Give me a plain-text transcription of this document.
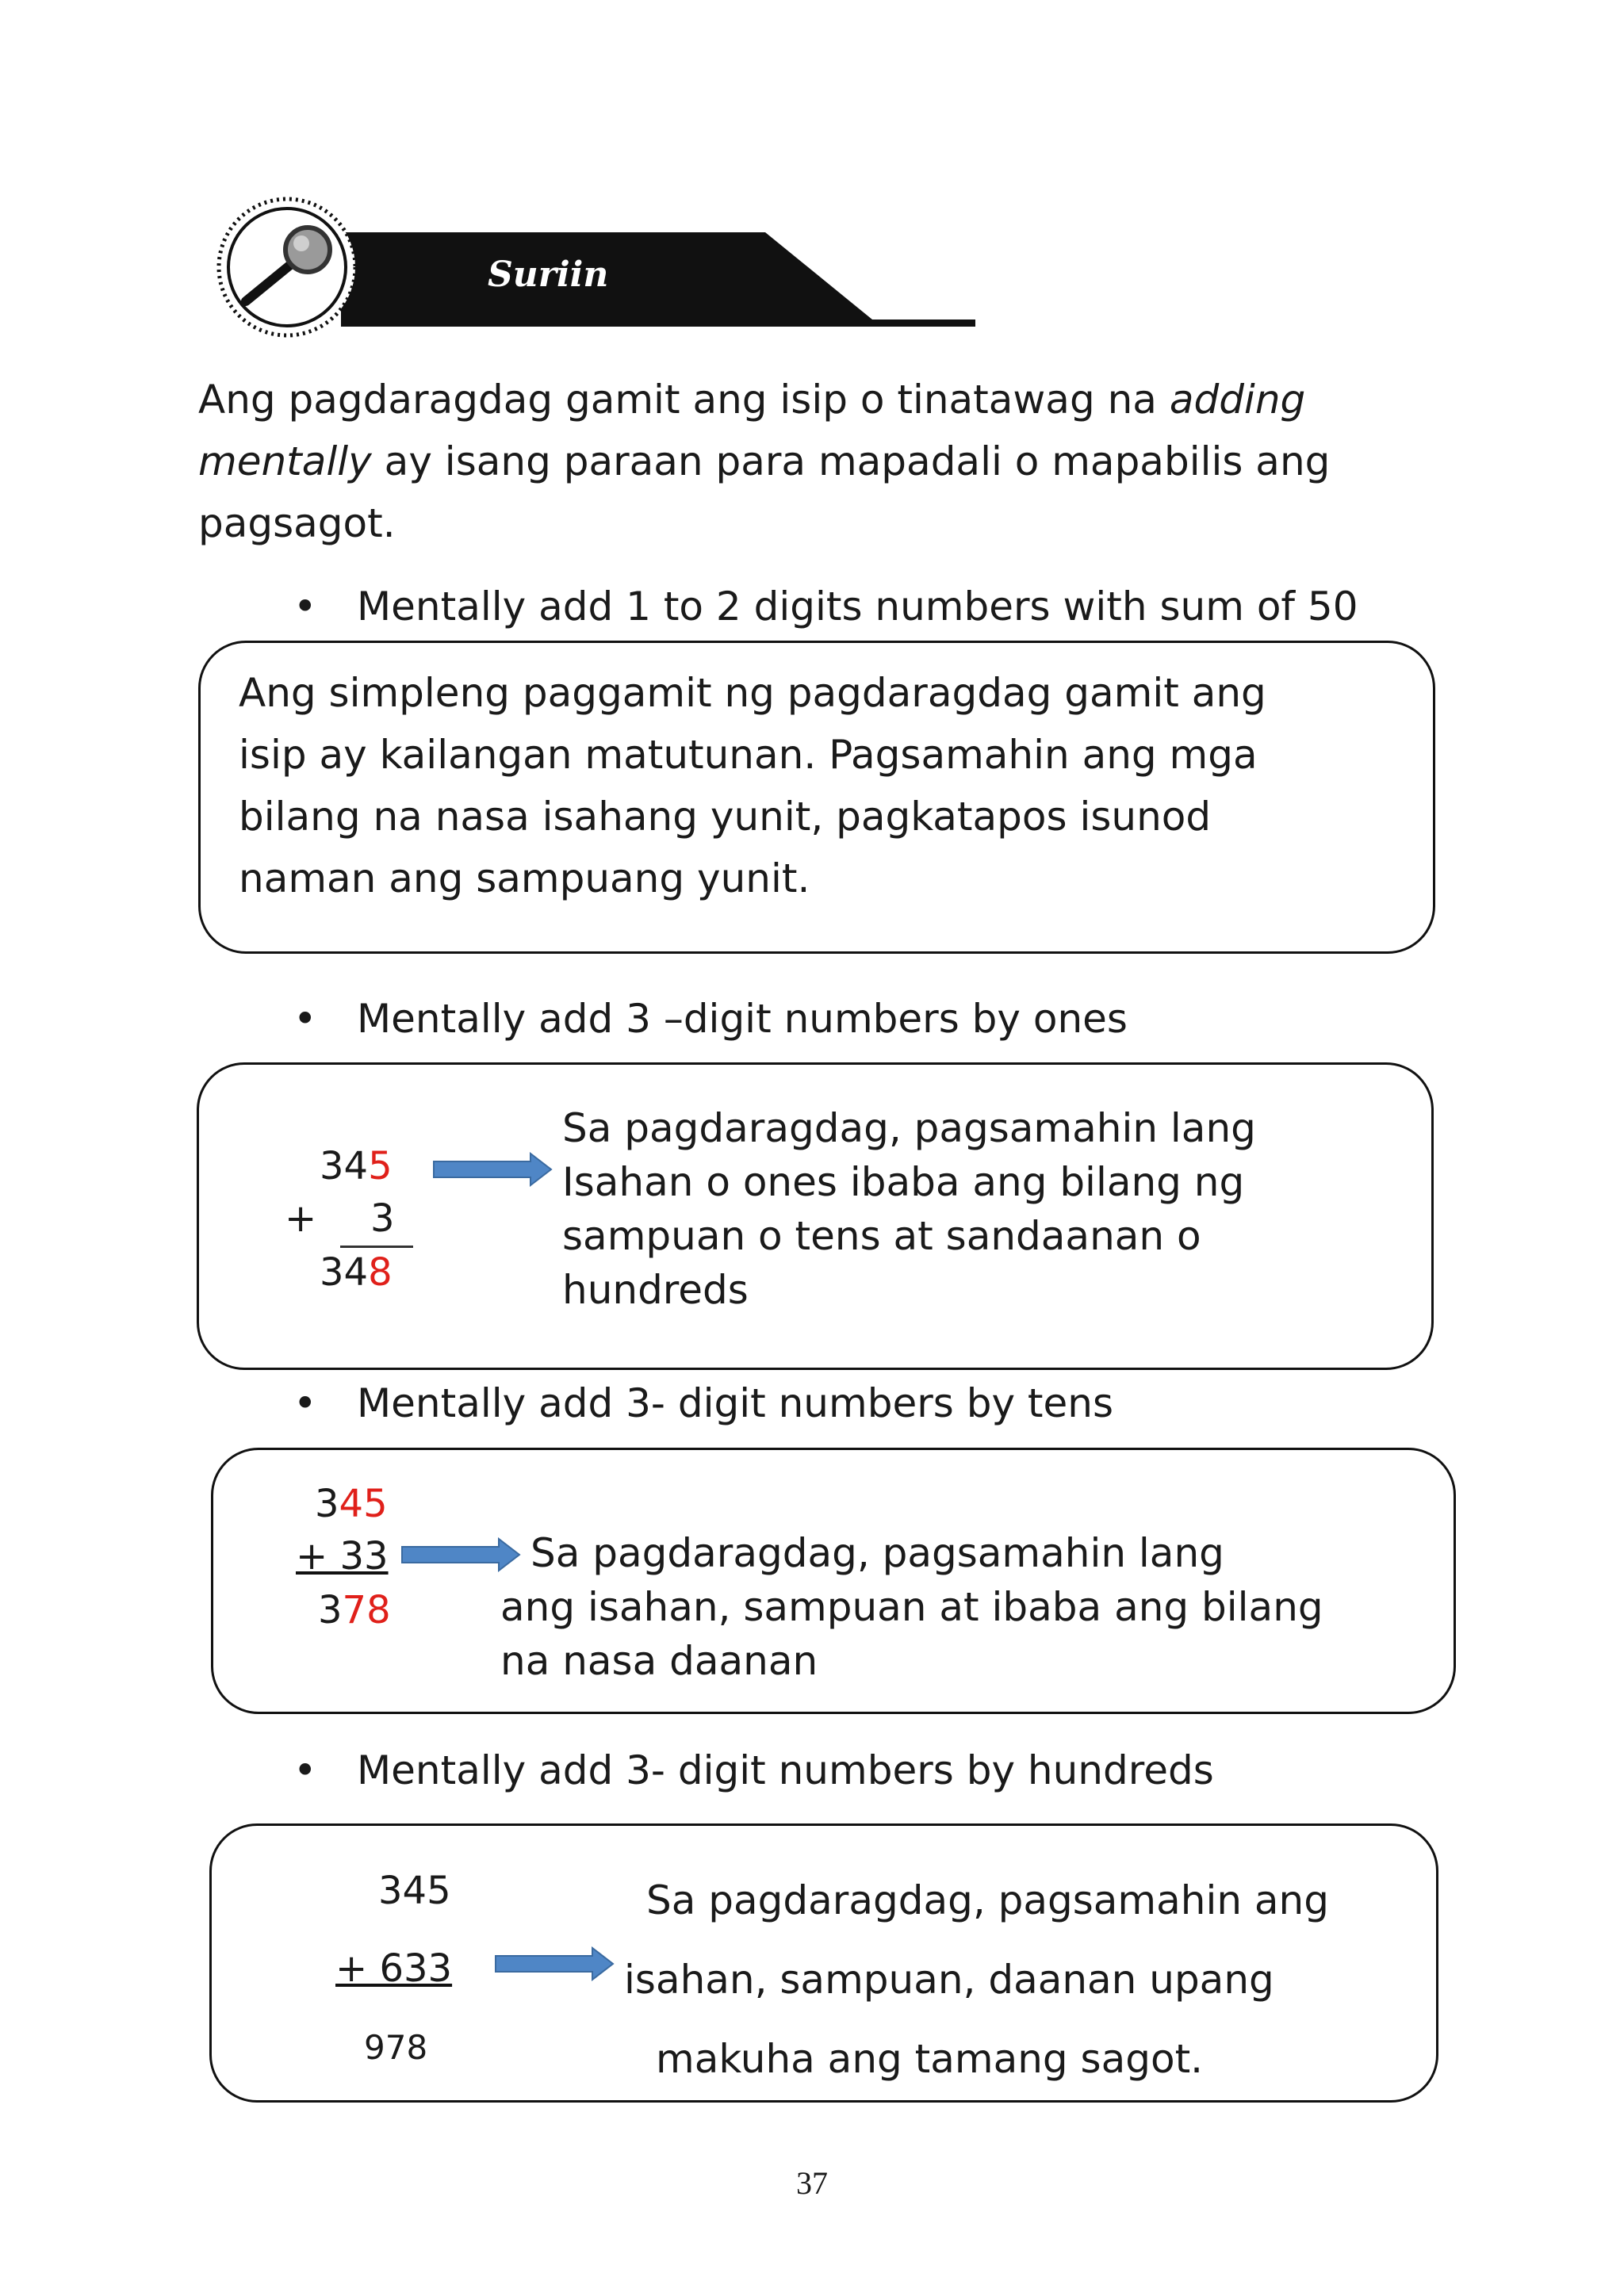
Suriin
Ang pagdaragdag gamit ang isip o tinatawag na adding
mentally ay isang paraan para mapadali o mapabilis ang
pagsagot.
• Mentally add 1 to 2 digits numbers with sum of 50
Ang simpleng paggamit ng pagdaragdag gamit ang
isip ay kailangan matutunan. Pagsamahin ang mga
bilang na nasa isahang yunit, pagkatapos isunod
naman ang sampuang yunit.
• Mentally add 3 –digit numbers by ones
345
+ 3
348
Sa pagdaragdag, pagsamahin lang
Isahan o ones ibaba ang bilang ng
sampuan o tens at sandaanan o
hundreds
• Mentally add 3- digit numbers by tens
345
+ 33
378
Sa pagdaragdag, pagsamahin lang
ang isahan, sampuan at ibaba ang bilang
na nasa daanan
• Mentally add 3- digit numbers by hundreds
345
+ 633
978
Sa pagdaragdag, pagsamahin ang
isahan, sampuan, daanan upang
makuha ang tamang sagot.
37
